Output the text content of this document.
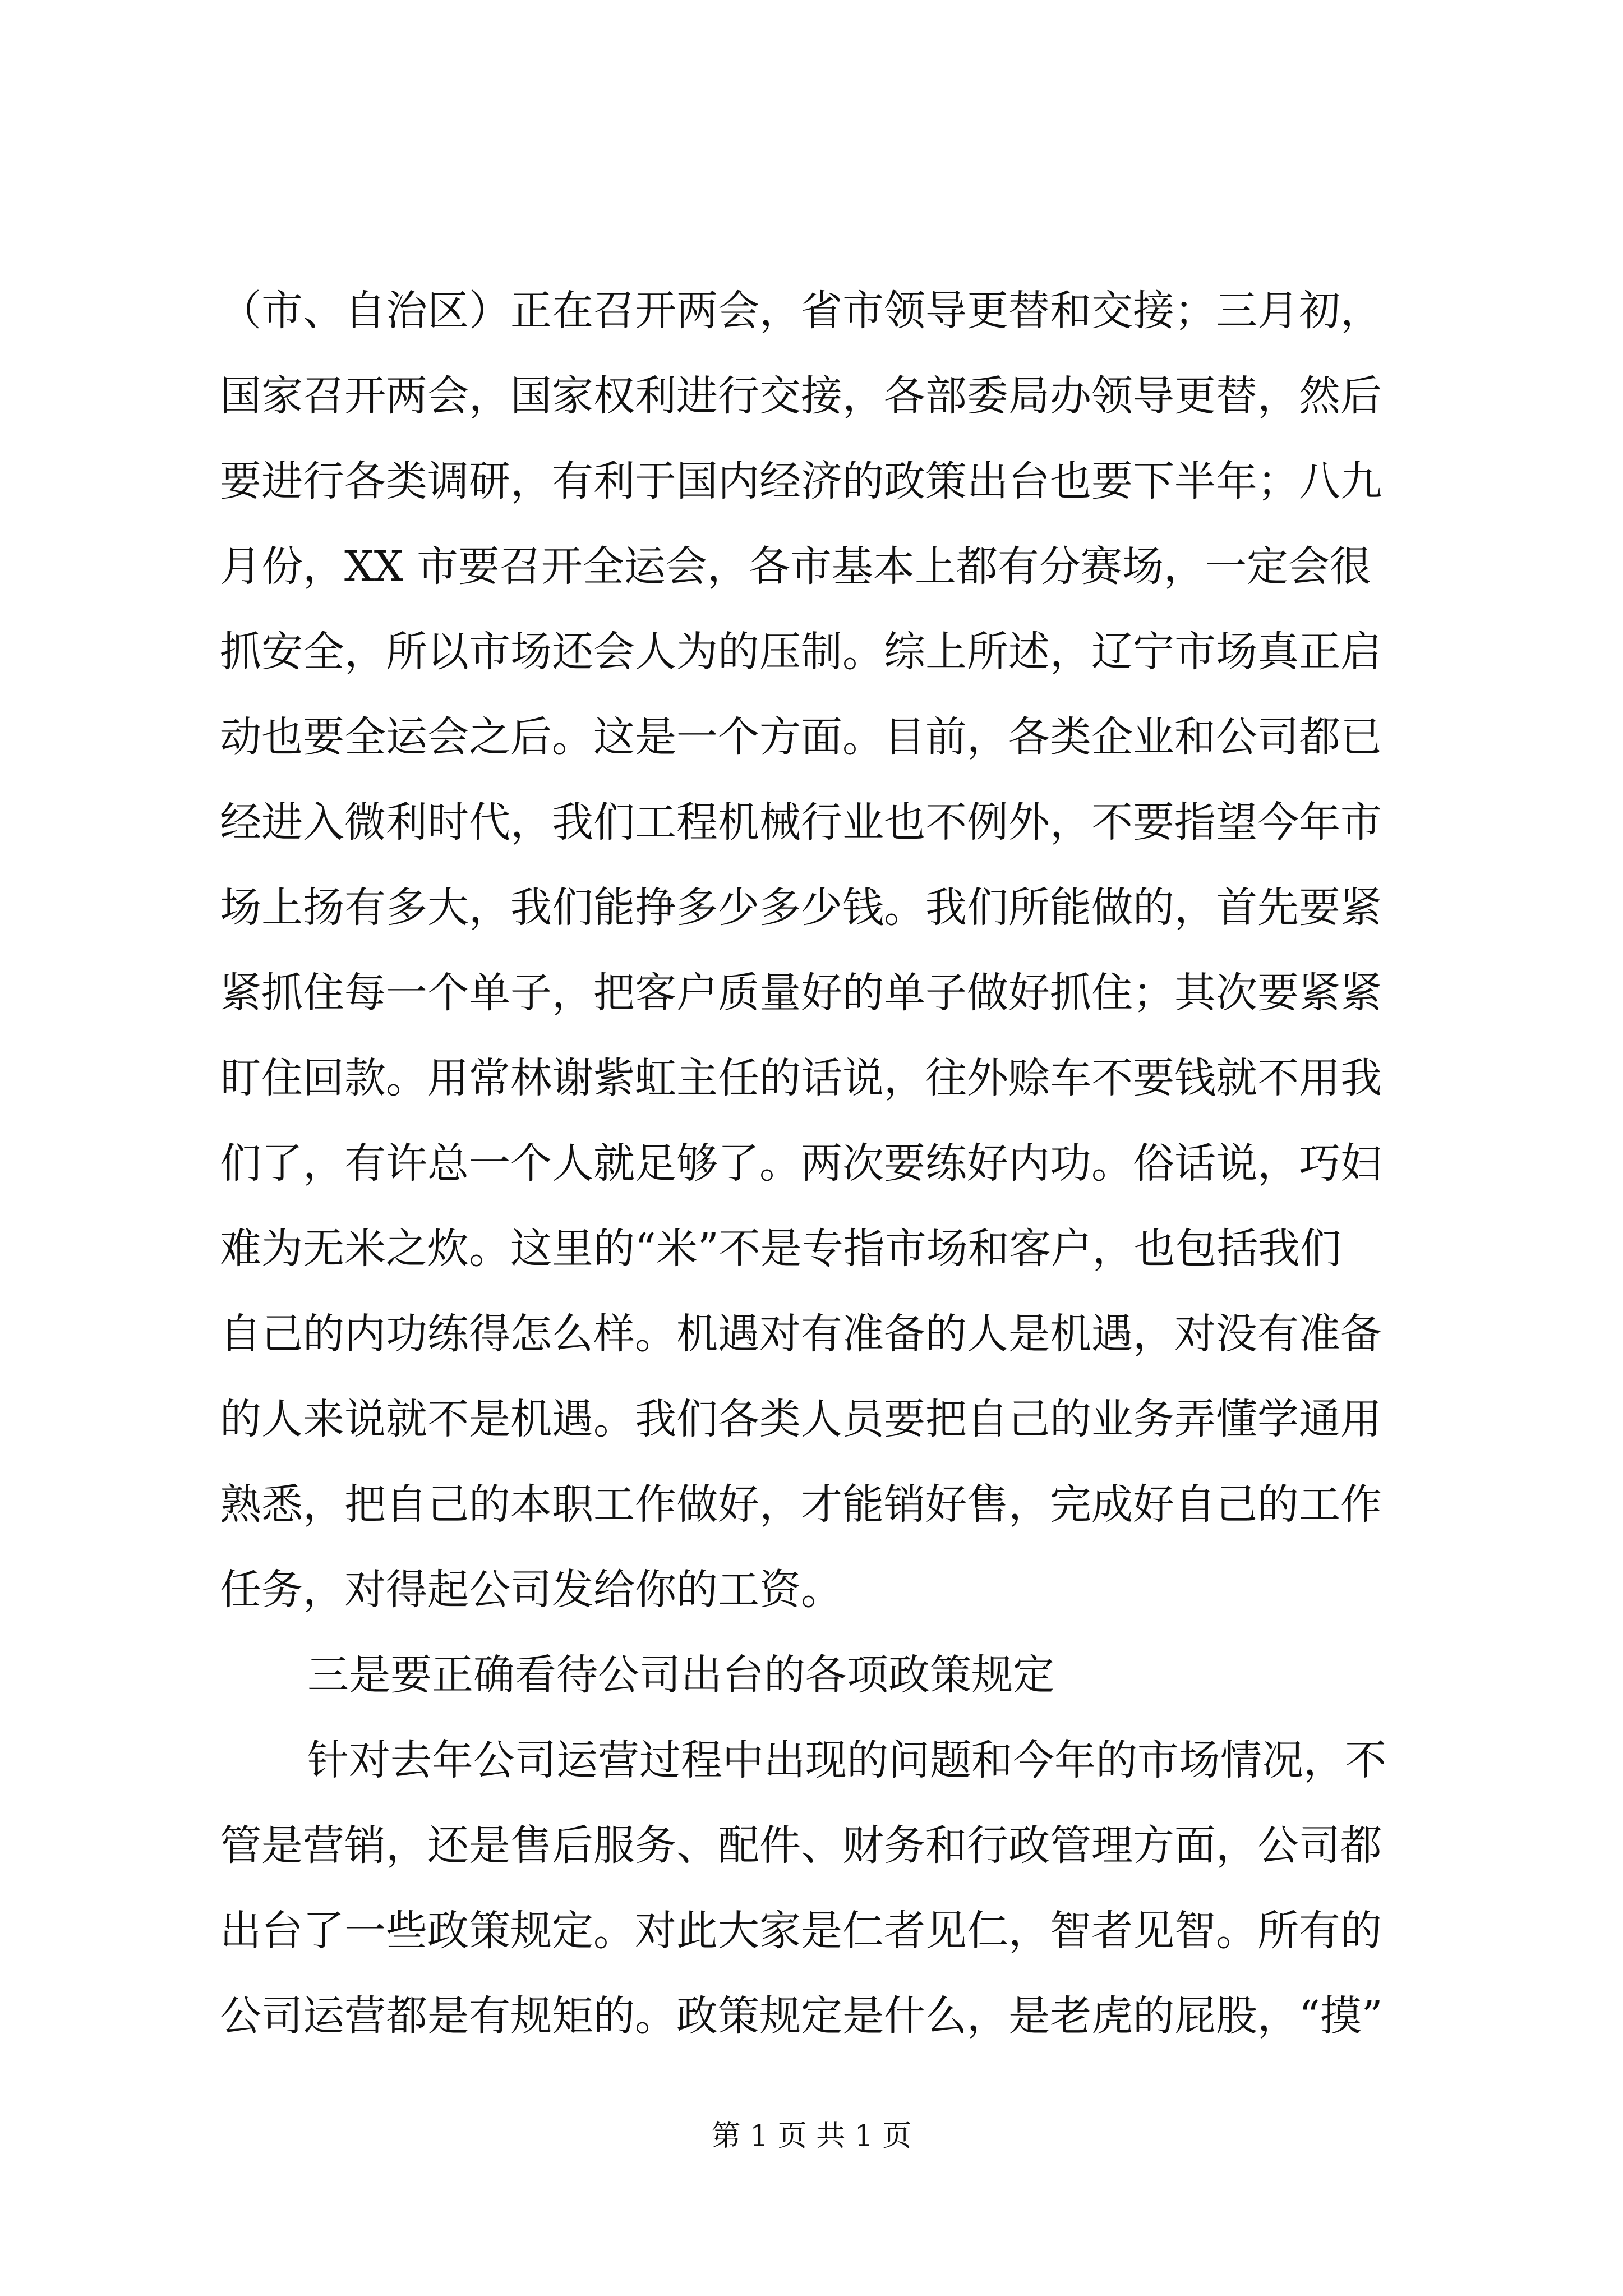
（市、自治区）正在召开两会，省市领导更替和交接；三月初，
国家召开两会，国家权利进行交接，各部委局办领导更替，然后
要进行各类调研，有利于国内经济的政策出台也要下半年；八九
月份，XX 市要召开全运会，各市基本上都有分赛场，一定会很
抓安全，所以市场还会人为的压制。综上所述，辽宁市场真正启
动也要全运会之后。这是一个方面。目前，各类企业和公司都已
经进入微利时代，我们工程机械行业也不例外，不要指望今年市
场上扬有多大，我们能挣多少多少钱。我们所能做的，首先要紧
紧抓住每一个单子，把客户质量好的单子做好抓住；其次要紧紧
盯住回款。用常林谢紫虹主任的话说，往外赊车不要钱就不用我
们了，有许总一个人就足够了。两次要练好内功。俗话说，巧妇
难为无米之炊。这里的“米”不是专指市场和客户，也包括我们
自己的内功练得怎么样。机遇对有准备的人是机遇，对没有准备
的人来说就不是机遇。我们各类人员要把自己的业务弄懂学通用
熟悉，把自己的本职工作做好，才能销好售，完成好自己的工作
任务，对得起公司发给你的工资。
三是要正确看待公司出台的各项政策规定
针对去年公司运营过程中出现的问题和今年的市场情况，不
管是营销，还是售后服务、配件、财务和行政管理方面，公司都
出台了一些政策规定。对此大家是仁者见仁，智者见智。所有的
公司运营都是有规矩的。政策规定是什么，是老虎的屁股，“摸”
第 1 页 共 1 页
